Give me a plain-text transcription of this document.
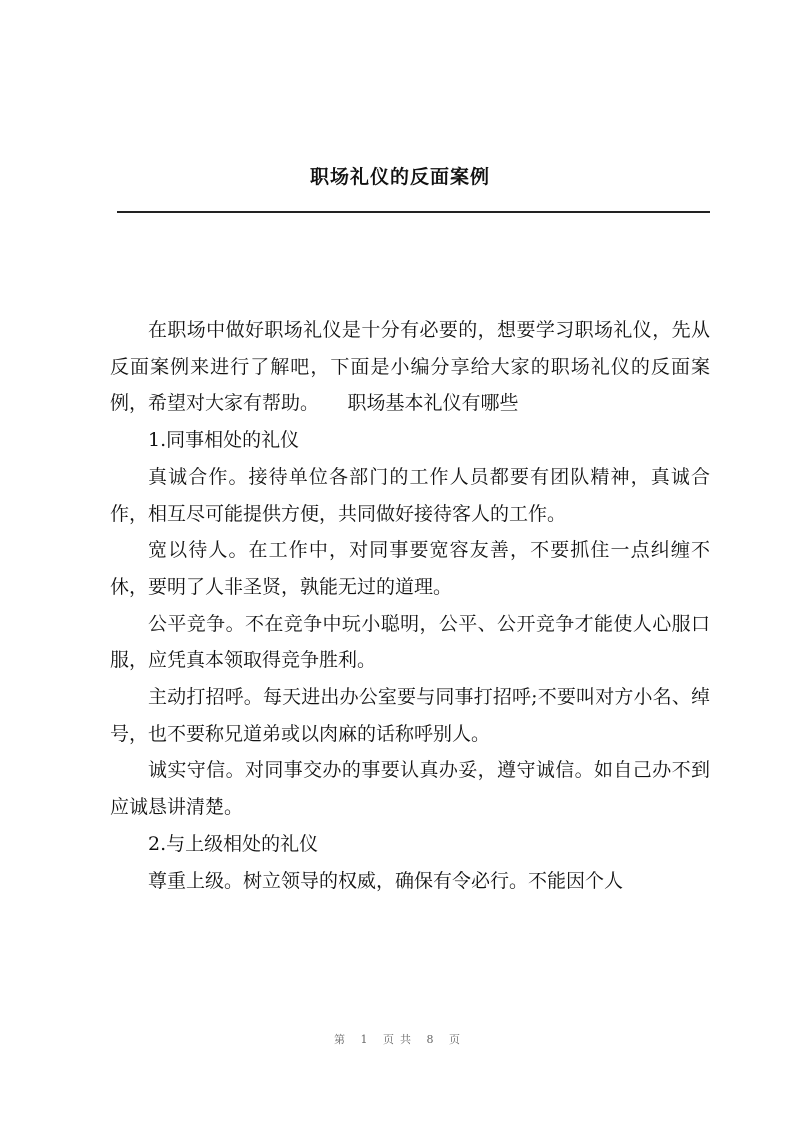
职场礼仪的反面案例

在职场中做好职场礼仪是十分有必要的，想要学习职场礼仪，先从反面案例来进行了解吧，下面是小编分享给大家的职场礼仪的反面案例，希望对大家有帮助。　　职场基本礼仪有哪些

1.同事相处的礼仪

真诚合作。接待单位各部门的工作人员都要有团队精神，真诚合作，相互尽可能提供方便，共同做好接待客人的工作。

宽以待人。在工作中，对同事要宽容友善，不要抓住一点纠缠不休，要明了人非圣贤，孰能无过的道理。

公平竞争。不在竞争中玩小聪明，公平、公开竞争才能使人心服口服，应凭真本领取得竞争胜利。

主动打招呼。每天进出办公室要与同事打招呼;不要叫对方小名、绰号，也不要称兄道弟或以肉麻的话称呼别人。

诚实守信。对同事交办的事要认真办妥，遵守诚信。如自己办不到应诚恳讲清楚。

2.与上级相处的礼仪

尊重上级。树立领导的权威，确保有令必行。不能因个人

第 1 页共 8 页
